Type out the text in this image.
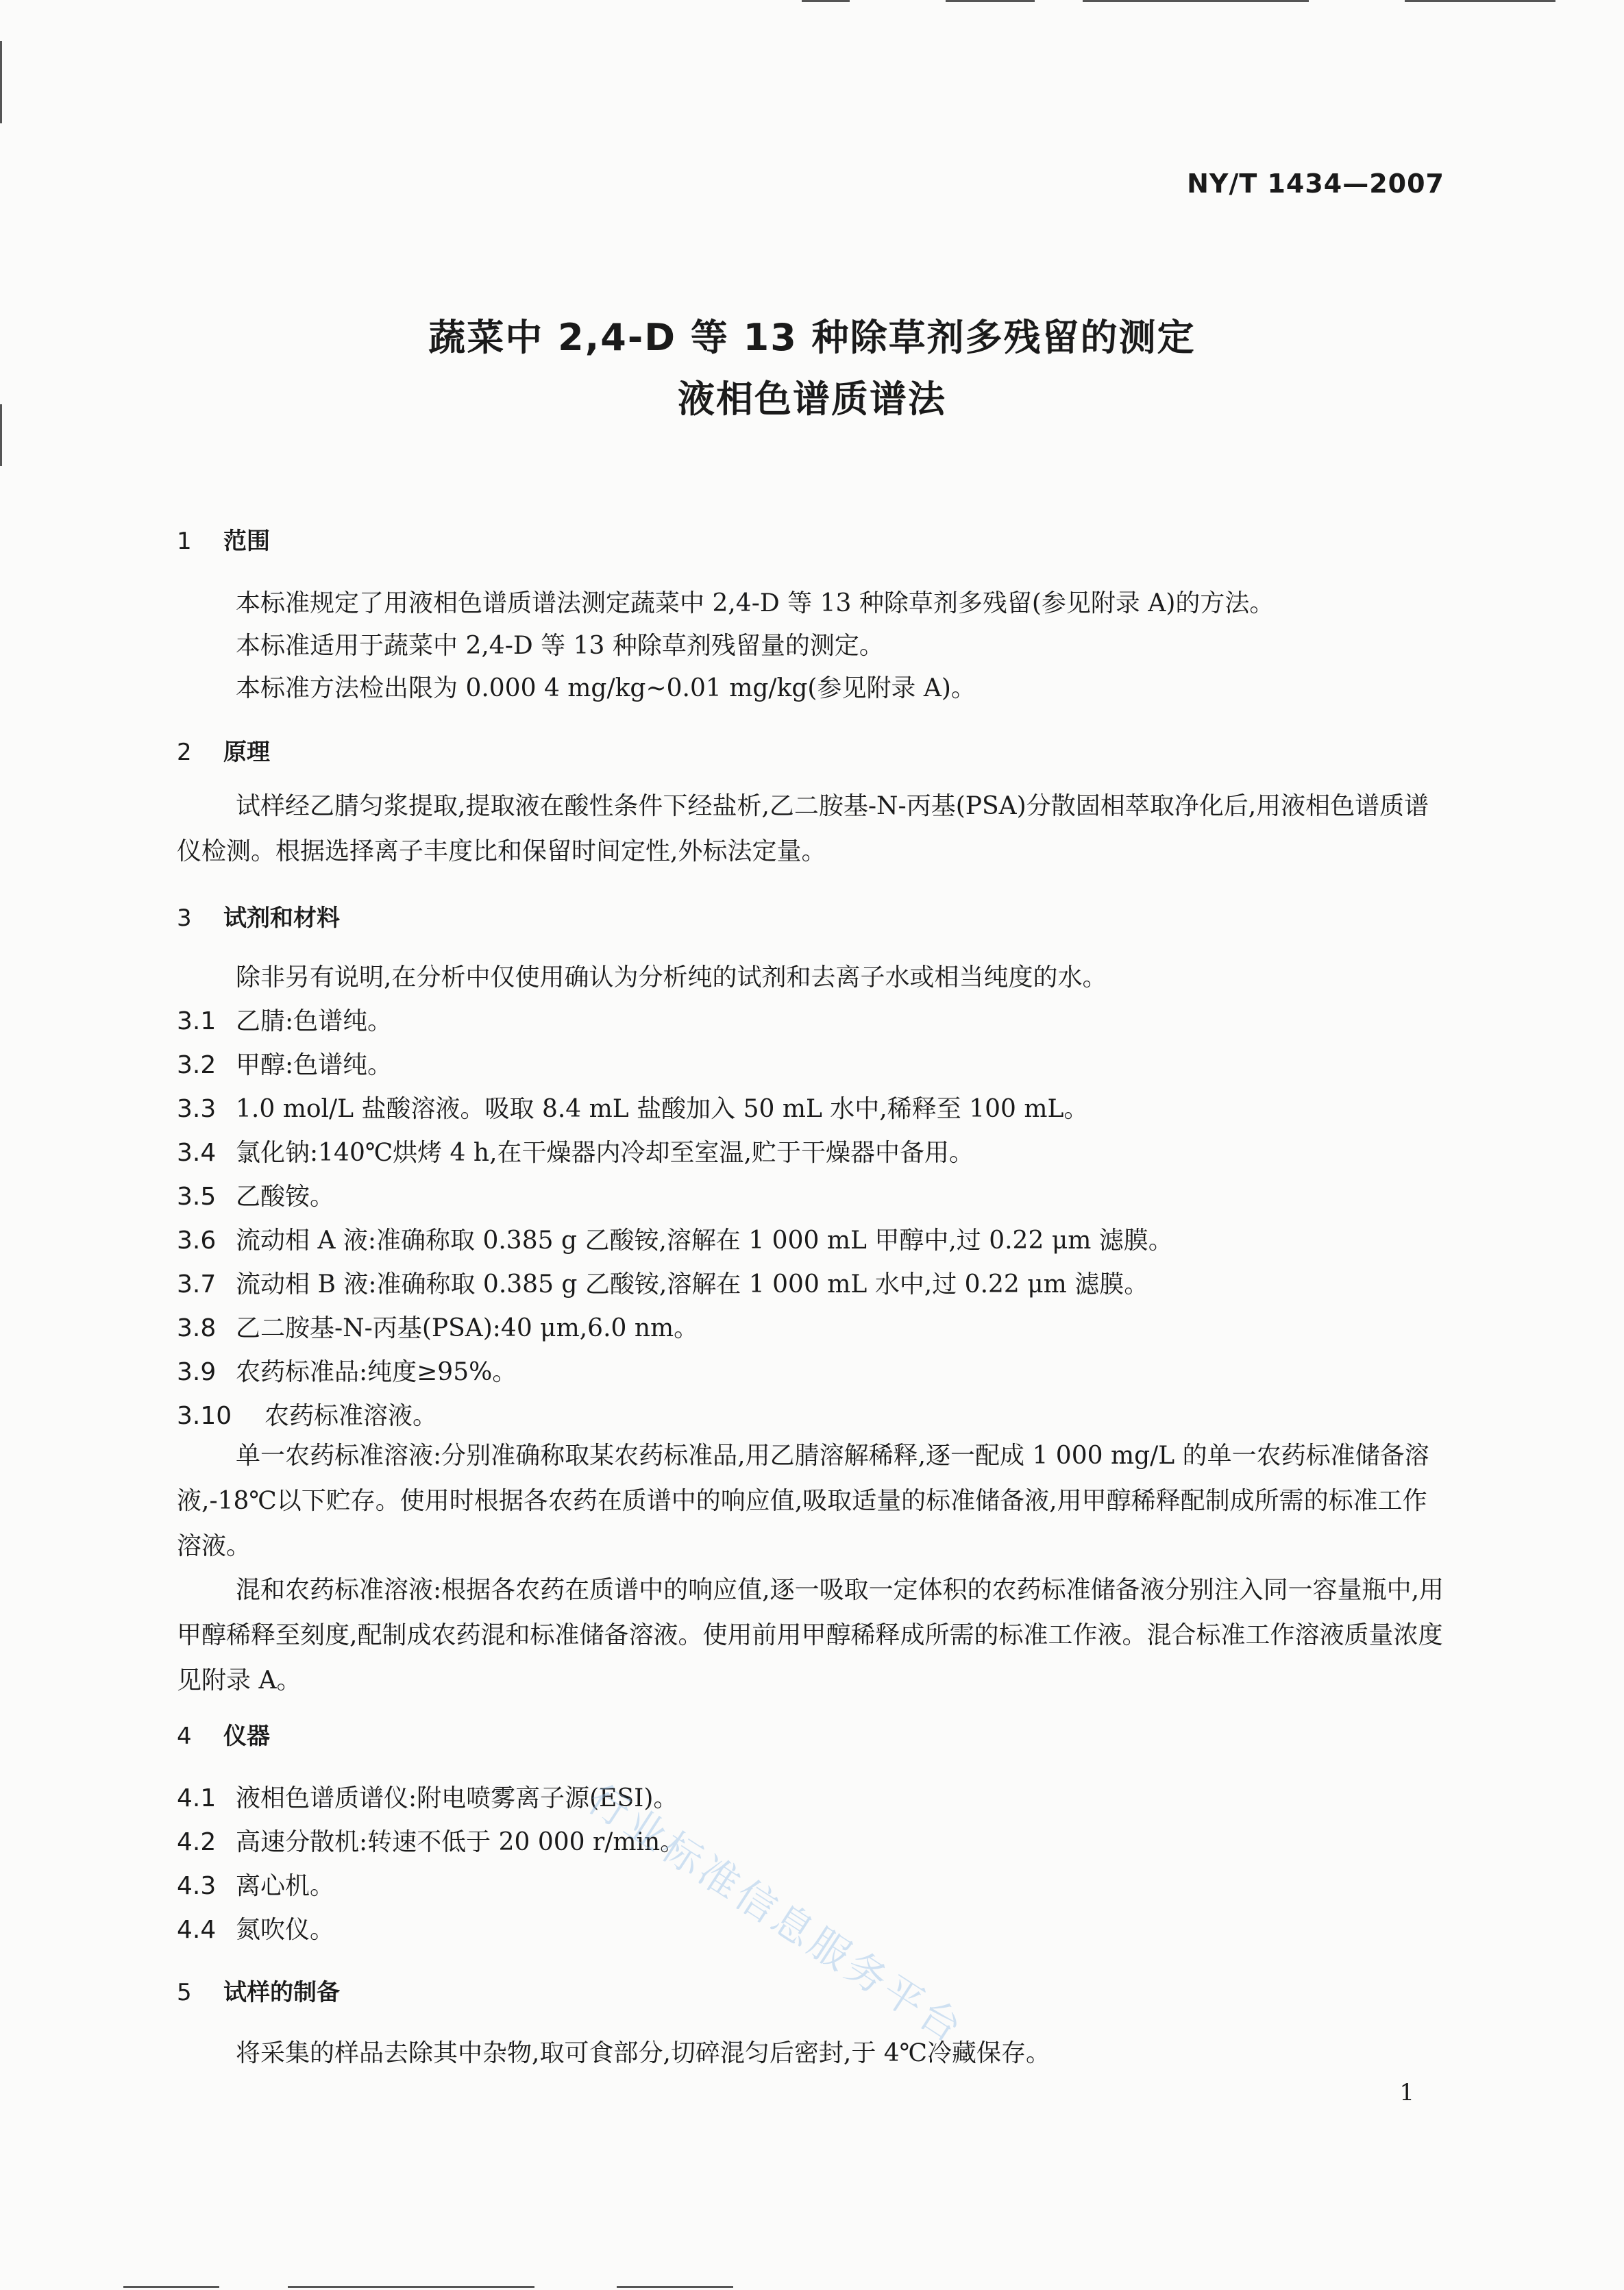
NY/T 1434—2007
蔬菜中 2,4-D 等 13 种除草剂多残留的测定
液相色谱质谱法
1 范围
本标准规定了用液相色谱质谱法测定蔬菜中 2,4-D 等 13 种除草剂多残留(参见附录 A)的方法。
本标准适用于蔬菜中 2,4-D 等 13 种除草剂残留量的测定。
本标准方法检出限为 0.000 4 mg/kg~0.01 mg/kg(参见附录 A)。
2 原理
试样经乙腈匀浆提取,提取液在酸性条件下经盐析,乙二胺基-N-丙基(PSA)分散固相萃取净化后,用液相色谱质谱仪检测。根据选择离子丰度比和保留时间定性,外标法定量。
3 试剂和材料
除非另有说明,在分析中仅使用确认为分析纯的试剂和去离子水或相当纯度的水。
3.1 乙腈:色谱纯。
3.2 甲醇:色谱纯。
3.3 1.0 mol/L 盐酸溶液。吸取 8.4 mL 盐酸加入 50 mL 水中,稀释至 100 mL。
3.4 氯化钠:140℃烘烤 4 h,在干燥器内冷却至室温,贮于干燥器中备用。
3.5 乙酸铵。
3.6 流动相 A 液:准确称取 0.385 g 乙酸铵,溶解在 1 000 mL 甲醇中,过 0.22 μm 滤膜。
3.7 流动相 B 液:准确称取 0.385 g 乙酸铵,溶解在 1 000 mL 水中,过 0.22 μm 滤膜。
3.8 乙二胺基-N-丙基(PSA):40 μm,6.0 nm。
3.9 农药标准品:纯度≥95%。
3.10 农药标准溶液。
单一农药标准溶液:分别准确称取某农药标准品,用乙腈溶解稀释,逐一配成 1 000 mg/L 的单一农药标准储备溶液,-18℃以下贮存。使用时根据各农药在质谱中的响应值,吸取适量的标准储备液,用甲醇稀释配制成所需的标准工作溶液。
混和农药标准溶液:根据各农药在质谱中的响应值,逐一吸取一定体积的农药标准储备液分别注入同一容量瓶中,用甲醇稀释至刻度,配制成农药混和标准储备溶液。使用前用甲醇稀释成所需的标准工作液。混合标准工作溶液质量浓度见附录 A。
4 仪器
4.1 液相色谱质谱仪:附电喷雾离子源(ESI)。
4.2 高速分散机:转速不低于 20 000 r/min。
4.3 离心机。
4.4 氮吹仪。
5 试样的制备
将采集的样品去除其中杂物,取可食部分,切碎混匀后密封,于 4℃冷藏保存。
1
行业标准信息服务平台
